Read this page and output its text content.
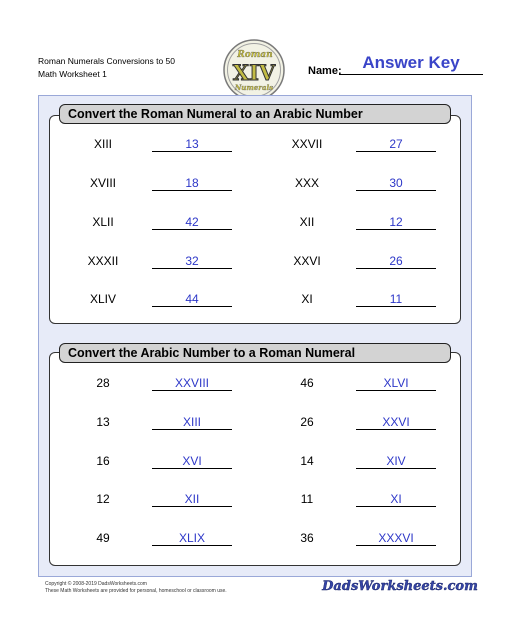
Roman Numerals Conversions to 50
Math Worksheet 1
Roman
XIV
Numerals
Name:	Answer Key
Convert the Roman Numeral to an Arabic Number
Convert the Arabic Number to a Roman Numeral
XIII	13	XXVII	27
XVIII	18	XXX	30
XLII	42	XII	12
XXXII	32	XXVI	26
XLIV	44	XI	11
28	XXVIII	46	XLVI
13	XIII	26	XXVI
16	XVI	14	XIV
12	XII	11	XI
49	XLIX	36	XXXVI
Copyright © 2008-2019 DadsWorksheets.com
These Math Worksheets are provided for personal, homeschool or classroom use.	DadsWorksheets.com
